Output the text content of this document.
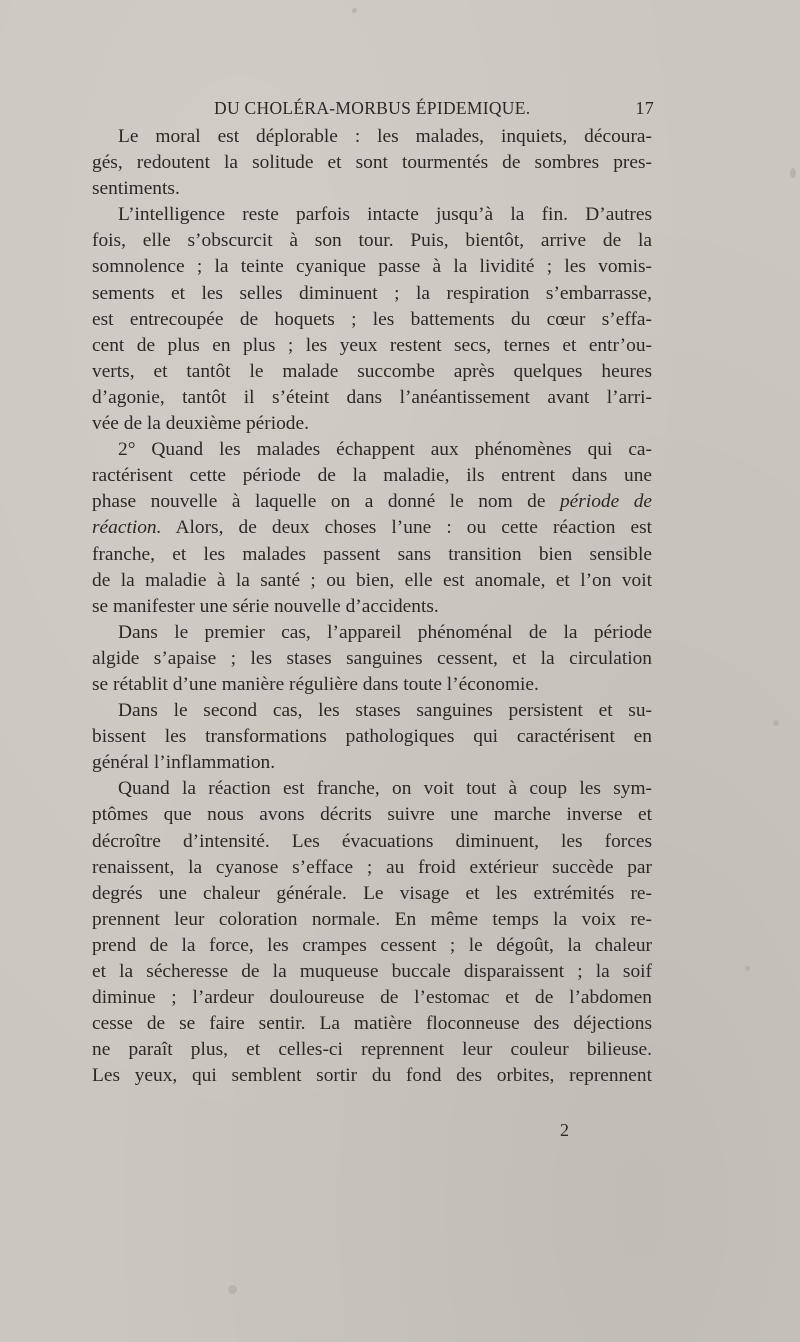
DU CHOLÉRA-MORBUS ÉPIDEMIQUE.	17
Le moral est déplorable : les malades, inquiets, découra-
gés, redoutent la solitude et sont tourmentés de sombres pres-
sentiments.
L’intelligence reste parfois intacte jusqu’à la fin. D’autres
fois, elle s’obscurcit à son tour. Puis, bientôt, arrive de la
somnolence ; la teinte cyanique passe à la lividité ; les vomis-
sements et les selles diminuent ; la respiration s’embarrasse,
est entrecoupée de hoquets ; les battements du cœur s’effa-
cent de plus en plus ; les yeux restent secs, ternes et entr’ou-
verts, et tantôt le malade succombe après quelques heures
d’agonie, tantôt il s’éteint dans l’anéantissement avant l’arri-
vée de la deuxième période.
2° Quand les malades échappent aux phénomènes qui ca-
ractérisent cette période de la maladie, ils entrent dans une
phase nouvelle à laquelle on a donné le nom de période de
réaction. Alors, de deux choses l’une : ou cette réaction est
franche, et les malades passent sans transition bien sensible
de la maladie à la santé ; ou bien, elle est anomale, et l’on voit
se manifester une série nouvelle d’accidents.
Dans le premier cas, l’appareil phénoménal de la période
algide s’apaise ; les stases sanguines cessent, et la circulation
se rétablit d’une manière régulière dans toute l’économie.
Dans le second cas, les stases sanguines persistent et su-
bissent les transformations pathologiques qui caractérisent en
général l’inflammation.
Quand la réaction est franche, on voit tout à coup les sym-
ptômes que nous avons décrits suivre une marche inverse et
décroître d’intensité. Les évacuations diminuent, les forces
renaissent, la cyanose s’efface ; au froid extérieur succède par
degrés une chaleur générale. Le visage et les extrémités re-
prennent leur coloration normale. En même temps la voix re-
prend de la force, les crampes cessent ; le dégoût, la chaleur
et la sécheresse de la muqueuse buccale disparaissent ; la soif
diminue ; l’ardeur douloureuse de l’estomac et de l’abdomen
cesse de se faire sentir. La matière floconneuse des déjections
ne paraît plus, et celles-ci reprennent leur couleur bilieuse.
Les yeux, qui semblent sortir du fond des orbites, reprennent
2
